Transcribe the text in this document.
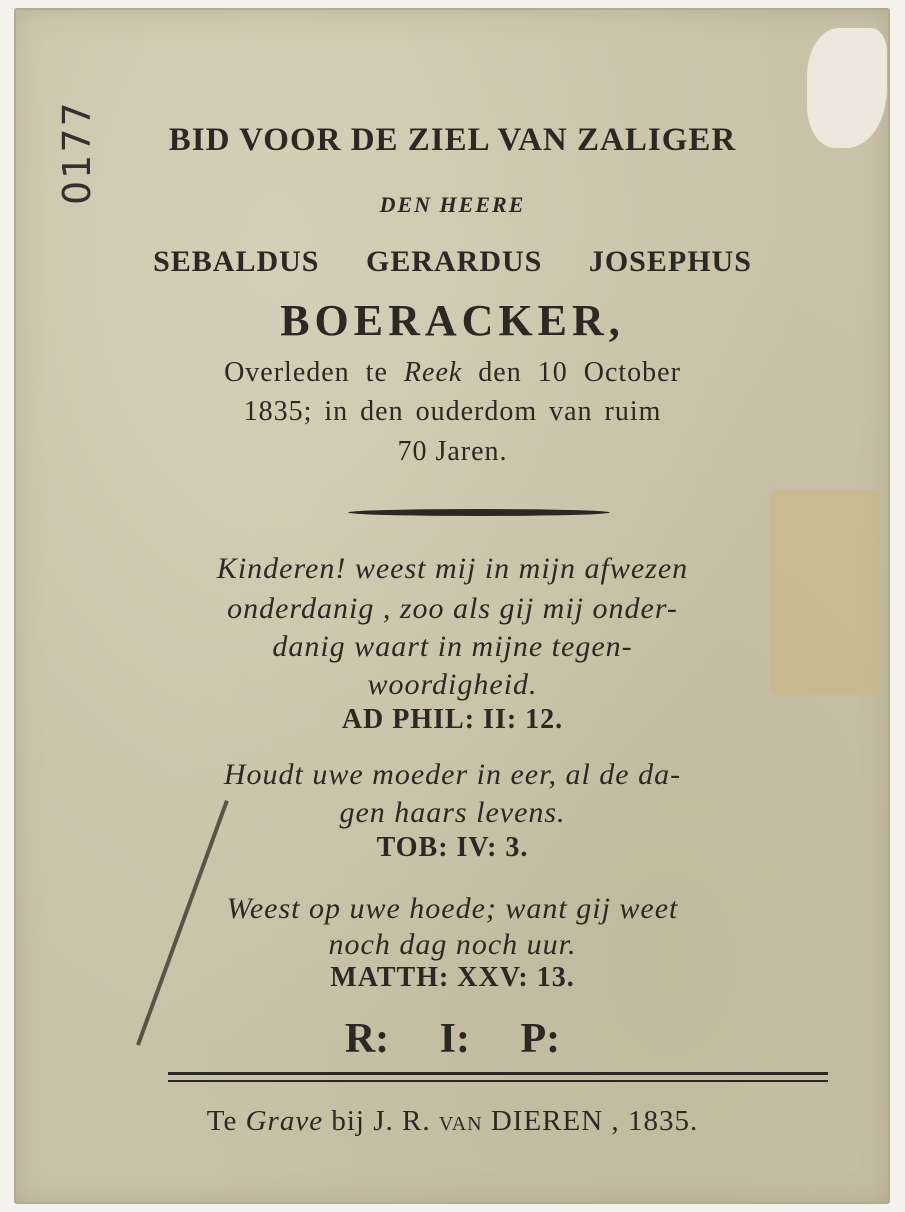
0177	BID VOOR DE ZIEL VAN ZALIGER
DEN HEERE
SEBALDUS GERARDUS JOSEPHUS
BOERACKER,
Overleden te Reek den 10 October
1835; in den ouderdom van ruim
70 Jaren.
Kinderen! weest mij in mijn afwezen
onderdanig , zoo als gij mij onder-
danig waart in mijne tegen-
woordigheid.
AD PHIL: II: 12.
Houdt uwe moeder in eer, al de da-
gen haars levens.
TOB: IV: 3.
Weest op uwe hoede; want gij weet
noch dag noch uur.
MATTH: XXV: 13.
R: I: P:
Te Grave bij J. R. VAN DIEREN , 1835.
